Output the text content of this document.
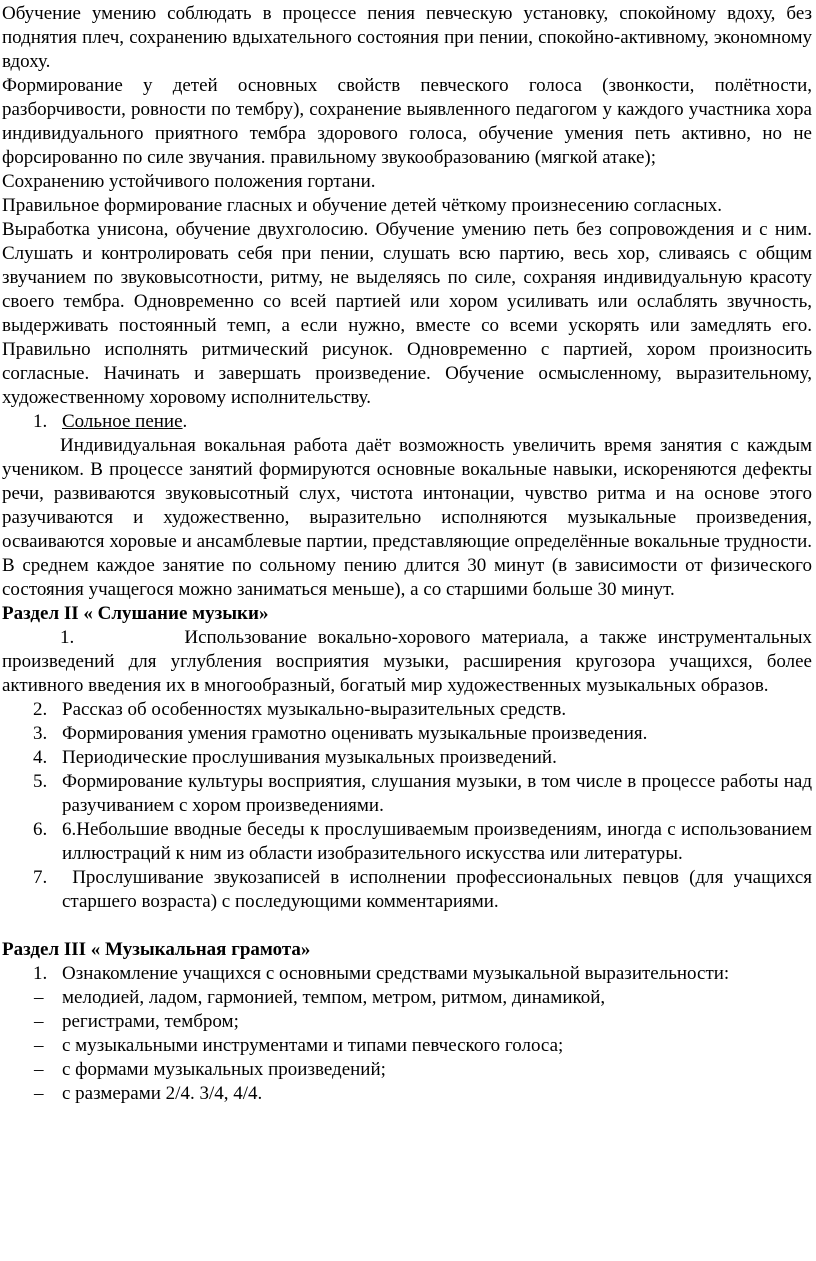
Обучение умению соблюдать в процессе пения певческую установку, спокойному вдоху, без поднятия плеч, сохранению вдыхательного состояния при пении, спокойно-активному, экономному вдоху.

Формирование у детей основных свойств певческого голоса (звонкости, полётности, разборчивости, ровности по тембру), сохранение выявленного педагогом у каждого участника хора индивидуального приятного тембра здорового голоса, обучение умения петь активно, но не форсированно по силе звучания. правильному звукообразованию (мягкой атаке);

Сохранению устойчивого положения гортани.

Правильное формирование гласных и обучение детей чёткому произнесению согласных.

Выработка унисона, обучение двухголосию. Обучение умению петь без сопровождения и с ним. Слушать и контролировать себя при пении, слушать всю партию, весь хор, сливаясь с общим звучанием по звуковысотности, ритму, не выделяясь по силе, сохраняя индивидуальную красоту своего тембра. Одновременно со всей партией или хором усиливать или ослаблять звучность, выдерживать постоянный темп, а если нужно, вместе со всеми ускорять или замедлять его. Правильно исполнять ритмический рисунок. Одновременно с партией, хором произносить согласные. Начинать и завершать произведение. Обучение осмысленному, выразительному, художественному хоровому исполнительству.

1. Сольное пение.

Индивидуальная вокальная работа даёт возможность увеличить время занятия с каждым учеником. В процессе занятий формируются основные вокальные навыки, искореняются дефекты речи, развиваются звуковысотный слух, чистота интонации, чувство ритма и на основе этого разучиваются и художественно, выразительно исполняются музыкальные произведения, осваиваются хоровые и ансамблевые партии, представляющие определённые вокальные трудности. В среднем каждое занятие по сольному пению длится 30 минут (в зависимости от физического состояния учащегося можно заниматься меньше), а со старшими больше 30 минут.

Раздел II « Слушание музыки»

1.          Использование вокально-хорового материала, а также инструментальных произведений для углубления восприятия музыки, расширения кругозора учащихся, более активного введения их в многообразный, богатый мир художественных музыкальных образов.

2. Рассказ об особенностях музыкально-выразительных средств.
3. Формирования умения грамотно оценивать музыкальные произведения.
4. Периодические прослушивания музыкальных произведений.
5. Формирование культуры восприятия, слушания музыки, в том числе в процессе работы над разучиванием с хором произведениями.
6. 6.Небольшие вводные беседы к прослушиваемым произведениям, иногда с использованием иллюстраций к ним из области изобразительного искусства или литературы.
7. Прослушивание звукозаписей в исполнении профессиональных певцов (для учащихся старшего возраста) с последующими комментариями.
Раздел III « Музыкальная грамота»
1. Ознакомление учащихся с основными средствами музыкальной выразительности:
– мелодией, ладом, гармонией, темпом, метром, ритмом, динамикой,
– регистрами, тембром;
– с музыкальными инструментами и типами певческого голоса;
– с формами музыкальных произведений;
– с размерами 2/4. 3/4, 4/4.
